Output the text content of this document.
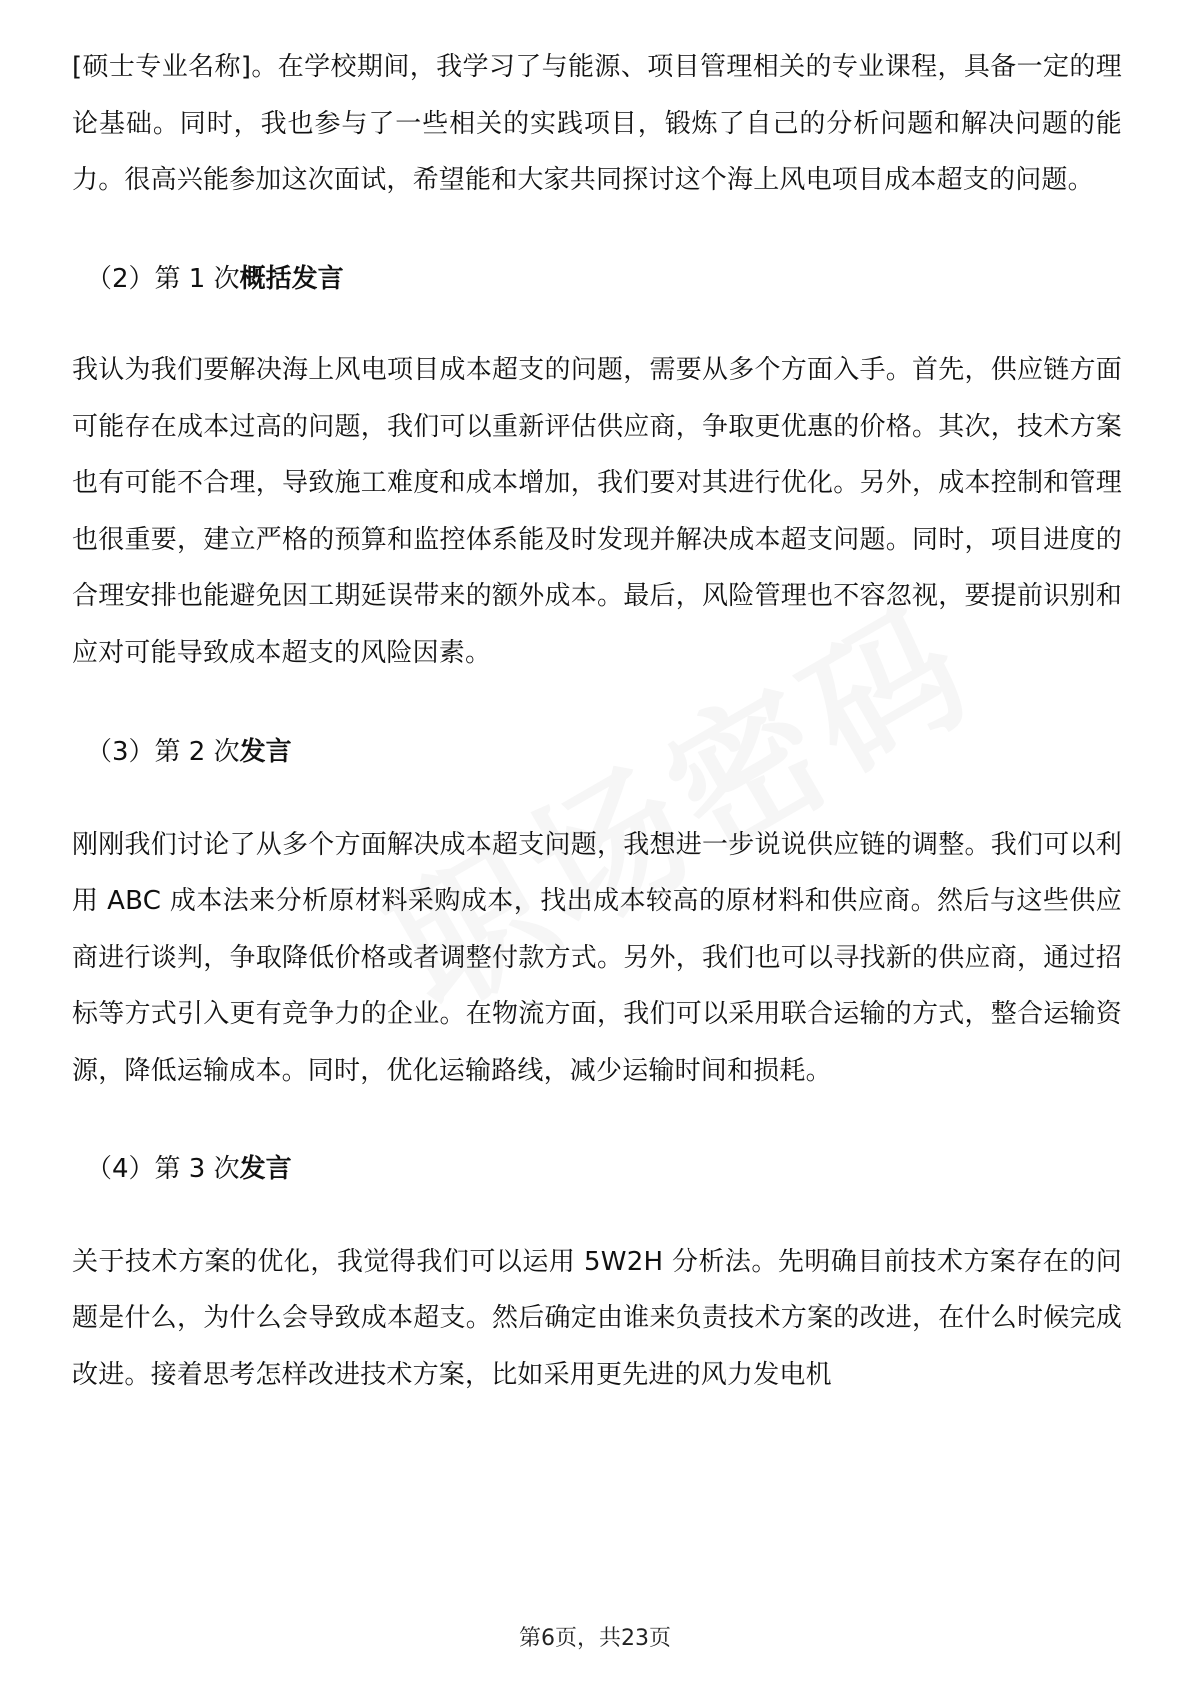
[硕士专业名称]。在学校期间，我学习了与能源、项目管理相关的专业课程，具备一定的理论基础。同时，我也参与了一些相关的实践项目，锻炼了自己的分析问题和解决问题的能力。很高兴能参加这次面试，希望能和大家共同探讨这个海上风电项目成本超支的问题。

（2）第 1 次概括发言

我认为我们要解决海上风电项目成本超支的问题，需要从多个方面入手。首先，供应链方面可能存在成本过高的问题，我们可以重新评估供应商，争取更优惠的价格。其次，技术方案也有可能不合理，导致施工难度和成本增加，我们要对其进行优化。另外，成本控制和管理也很重要，建立严格的预算和监控体系能及时发现并解决成本超支问题。同时，项目进度的合理安排也能避免因工期延误带来的额外成本。最后，风险管理也不容忽视，要提前识别和应对可能导致成本超支的风险因素。

（3）第 2 次发言

刚刚我们讨论了从多个方面解决成本超支问题，我想进一步说说供应链的调整。我们可以利用 ABC 成本法来分析原材料采购成本，找出成本较高的原材料和供应商。然后与这些供应商进行谈判，争取降低价格或者调整付款方式。另外，我们也可以寻找新的供应商，通过招标等方式引入更有竞争力的企业。在物流方面，我们可以采用联合运输的方式，整合运输资源，降低运输成本。同时，优化运输路线，减少运输时间和损耗。

（4）第 3 次发言

关于技术方案的优化，我觉得我们可以运用 5W2H 分析法。先明确目前技术方案存在的问题是什么，为什么会导致成本超支。然后确定由谁来负责技术方案的改进，在什么时候完成改进。接着思考怎样改进技术方案，比如采用更先进的风力发电机

第6页，共23页
